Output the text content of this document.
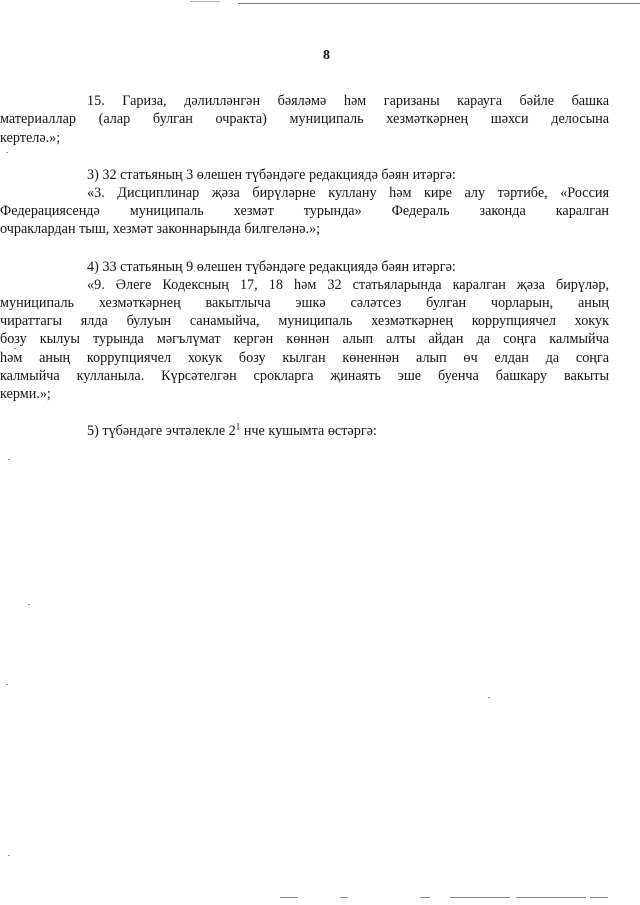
8

15. Гариза, дәлилләнгән бәяләмә һәм гаризаны карауга бәйле башка
материаллар (алар булган очракта) муниципаль хезмәткәрнең шәхси делосына
кертелә.»;

3) 32 статьяның 3 өлешен түбәндәге редакциядә бәян итәргә:
«3. Дисциплинар җәза бирүләрне куллану һәм кире алу тәртибе, «Россия
Федерациясендә муниципаль хезмәт турында» Федераль законда каралган
очраклардан тыш, хезмәт законнарында билгеләнә.»;

4) 33 статьяның 9 өлешен түбәндәге редакциядә бәян итәргә:
«9. Әлеге Кодексның 17, 18 һәм 32 статьяларында каралган җәза бирүләр,
муниципаль хезмәткәрнең вакытлыча эшкә сәләтсез булган чорларын, аның
чираттагы ялда булуын санамыйча, муниципаль хезмәткәрнең коррупциячел хокук
бозу кылуы турында мәгълүмат кергән көннән алып алты айдан да соңга калмыйча
һәм аның коррупциячел хокук бозу кылган көненнән алып өч елдан да соңга
калмыйча кулланыла. Күрсәтелгән срокларга җинаять эше буенча башкару вакыты
керми.»;

5) түбәндәге эчтәлекле 2$^1$ нче кушымта өстәргә:
